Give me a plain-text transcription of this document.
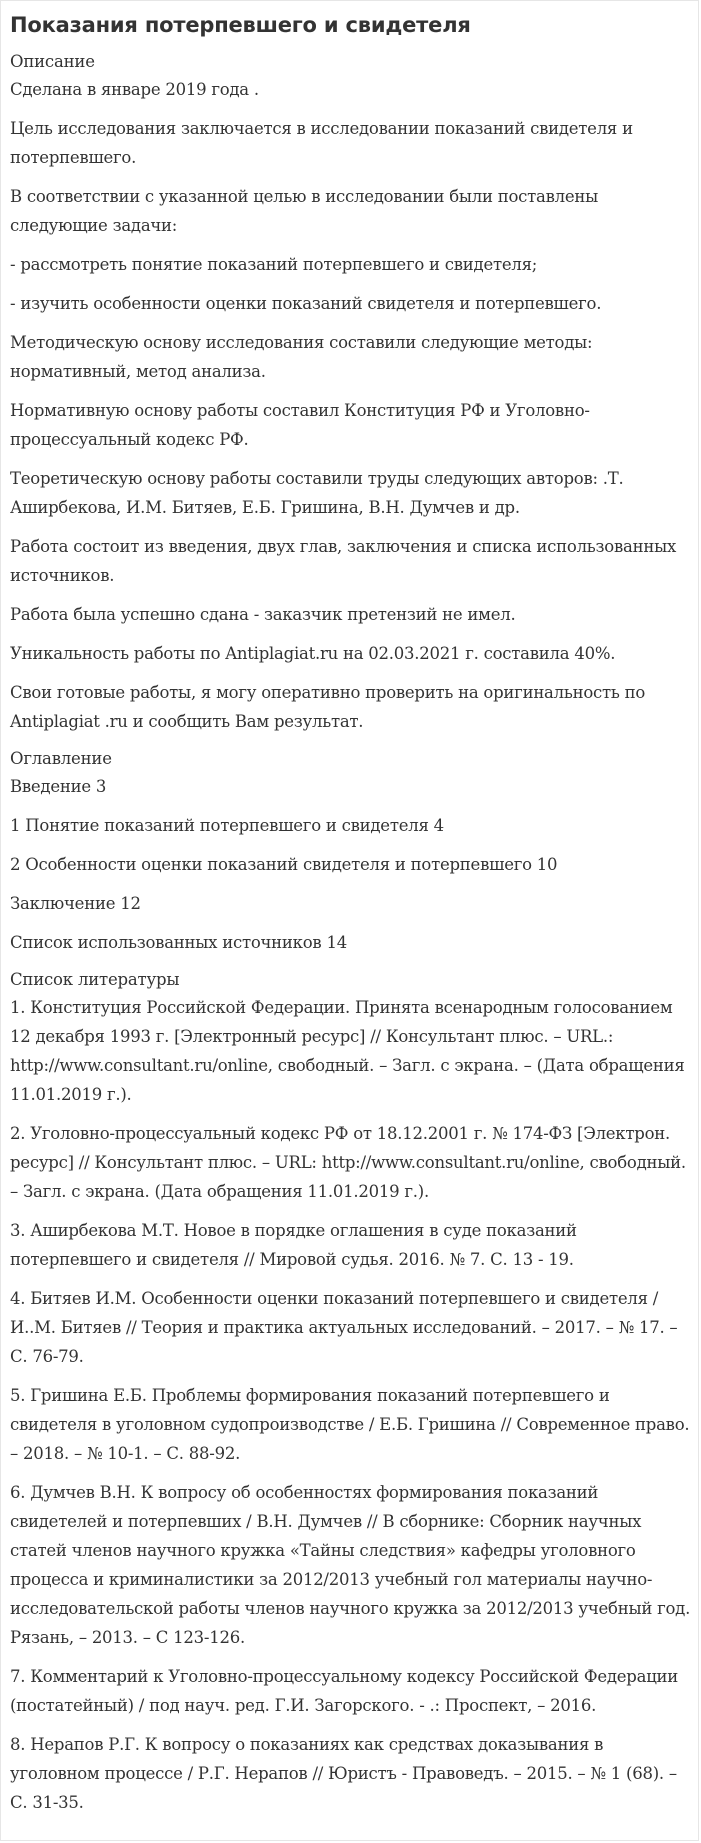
Показания потерпевшего и свидетеля
Описание

Сделана в январе 2019 года .

Цель исследования заключается в исследовании показаний свидетеля и потерпевшего.

В соответствии с указанной целью в исследовании были поставлены следующие задачи:

- рассмотреть понятие показаний потерпевшего и свидетеля;

- изучить особенности оценки показаний свидетеля и потерпевшего.

Методическую основу исследования составили следующие методы: нормативный, метод анализа.

Нормативную основу работы составил Конституция РФ и Уголовно-процессуальный кодекс РФ.

Теоретическую основу работы составили труды следующих авторов: .Т. Аширбекова, И.М. Битяев, Е.Б. Гришина, В.Н. Думчев и др.

Работа состоит из введения, двух глав, заключения и списка использованных источников.

Работа была успешно сдана - заказчик претензий не имел.

Уникальность работы по Antiplagiat.ru на 02.03.2021 г. составила 40%.

Свои готовые работы, я могу оперативно проверить на оригинальность по Antiplagiat .ru и сообщить Вам результат.

Оглавление

Введение 3

1 Понятие показаний потерпевшего и свидетеля 4

2 Особенности оценки показаний свидетеля и потерпевшего 10

Заключение 12

Список использованных источников 14

Список литературы

1. Конституция Российской Федерации. Принята всенародным голосованием 12 декабря 1993 г. [Электронный ресурс] // Консультант плюс. – URL.: http://www.consultant.ru/online, свободный. – Загл. с экрана. – (Дата обращения 11.01.2019 г.).

2. Уголовно-процессуальный кодекс РФ от 18.12.2001 г. № 174-ФЗ [Электрон. ресурс] // Консультант плюс. – URL: http://www.consultant.ru/online, свободный. – Загл. с экрана. (Дата обращения 11.01.2019 г.).

3. Аширбекова М.Т. Новое в порядке оглашения в суде показаний потерпевшего и свидетеля // Мировой судья. 2016. № 7. С. 13 - 19.

4. Битяев И.М. Особенности оценки показаний потерпевшего и свидетеля / И..М. Битяев // Теория и практика актуальных исследований. – 2017. – № 17. – С. 76-79.

5. Гришина Е.Б. Проблемы формирования показаний потерпевшего и свидетеля в уголовном судопроизводстве / Е.Б. Гришина // Современное право. – 2018. – № 10-1. – С. 88-92.

6. Думчев В.Н. К вопросу об особенностях формирования показаний свидетелей и потерпевших / В.Н. Думчев // В сборнике: Сборник научных статей членов научного кружка «Тайны следствия» кафедры уголовного процесса и криминалистики за 2012/2013 учебный гол материалы научно-исследовательской работы членов научного кружка за 2012/2013 учебный год. Рязань, – 2013. – С 123-126.

7. Комментарий к Уголовно-процессуальному кодексу Российской Федерации (постатейный) / под науч. ред. Г.И. Загорского. - .: Проспект, – 2016.

8. Нерапов Р.Г. К вопросу о показаниях как средствах доказывания в уголовном процессе / Р.Г. Нерапов // Юристъ - Правоведъ. – 2015. – № 1 (68). – С. 31-35.
